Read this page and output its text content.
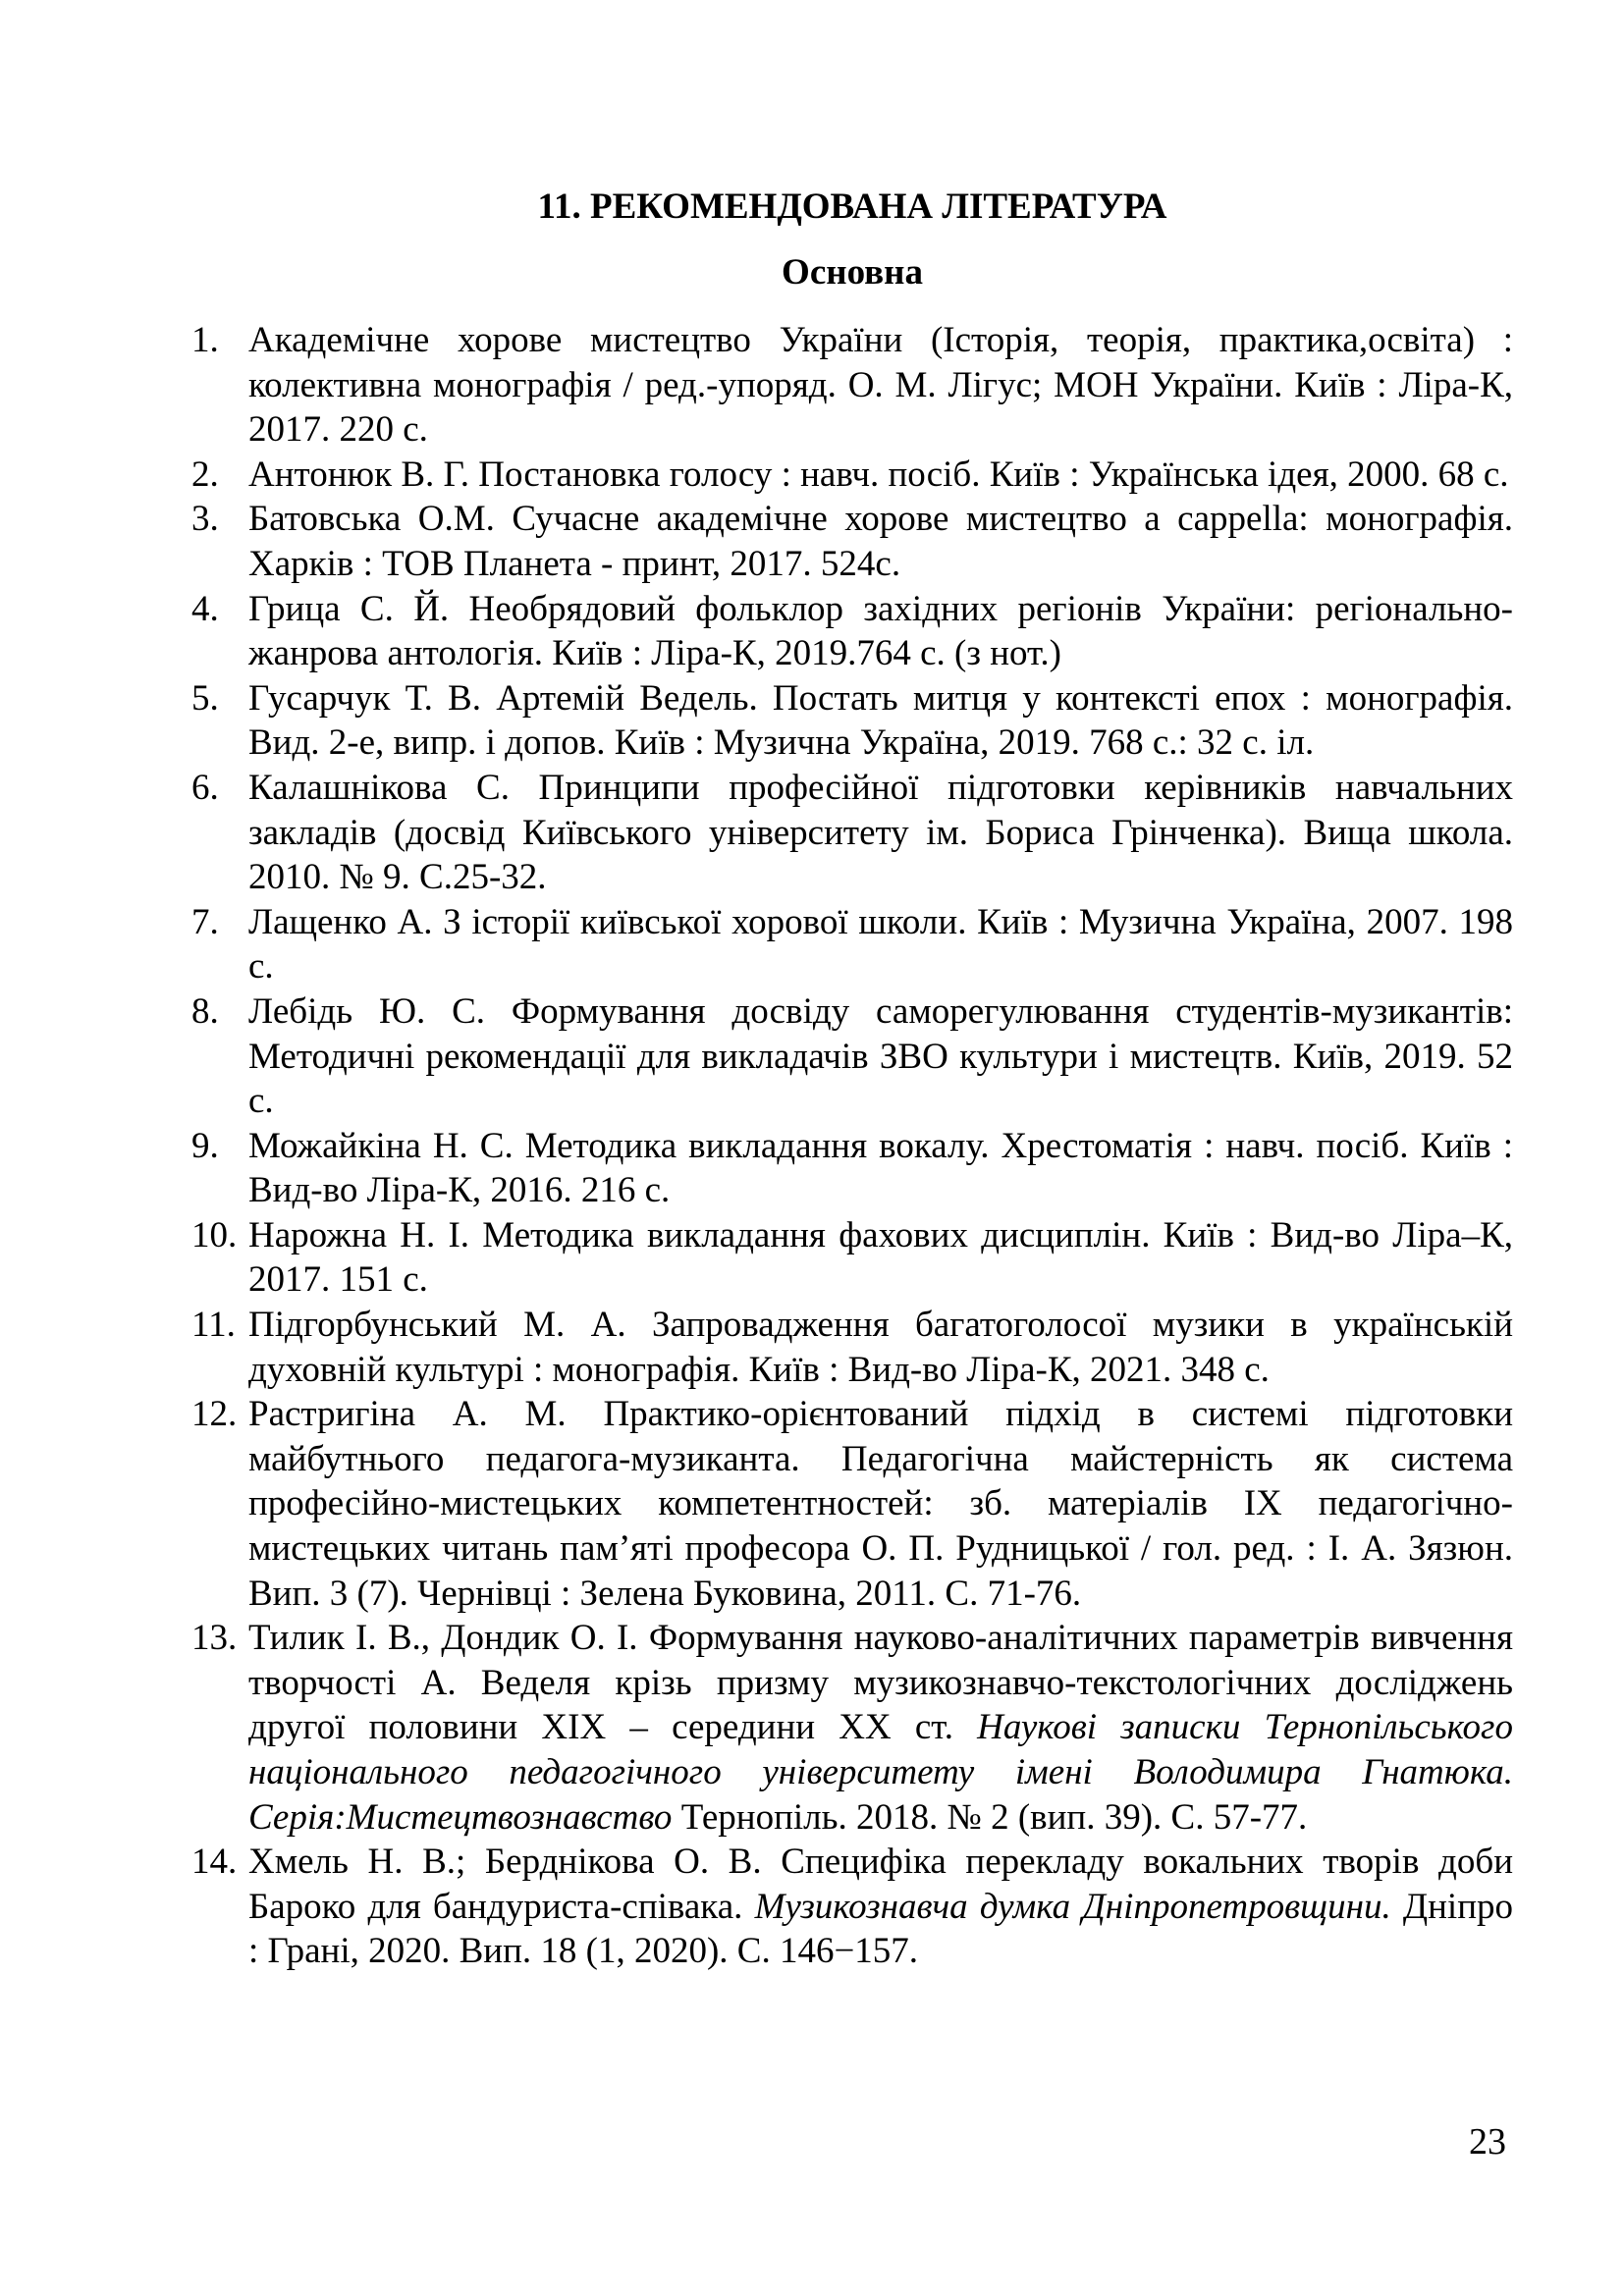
11. РЕКОМЕНДОВАНА ЛІТЕРАТУРА
Основна
1. Академічне хорове мистецтво України (Історія, теорія, практика,освіта) : колективна монографія / ред.-упоряд. О. М. Лігус; МОН України. Київ : Ліра-К, 2017. 220 с.
2. Антонюк В. Г. Постановка голосу : навч. посіб. Київ : Українська ідея, 2000. 68 с.
3. Батовська О.М. Сучасне академічне хорове мистецтво а cappella: монографія. Харків : ТОВ Планета - принт, 2017. 524с.
4. Грица С. Й. Необрядовий фольклор західних регіонів України: регіонально-жанрова антологія. Київ : Ліра-К, 2019.764 с. (з нот.)
5. Гусарчук Т. В. Артемій Ведель. Постать митця у контексті епох : монографія. Вид. 2-е, випр. і допов. Київ : Музична Україна, 2019. 768 с.: 32 с. іл.
6. Калашнікова С. Принципи професійної підготовки керівників навчальних закладів (досвід Київського університету ім. Бориса Грінченка). Вища школа. 2010. № 9. С.25-32.
7. Лащенко А. З історії київської хорової школи. Київ : Музична Україна, 2007. 198 с.
8. Лебідь Ю. С. Формування досвіду саморегулювання студентів-музикантів: Методичні рекомендації для викладачів ЗВО культури і мистецтв. Київ, 2019. 52 с.
9. Можайкіна Н. С. Методика викладання вокалу. Хрестоматія : навч. посіб. Київ : Вид-во Ліра-К, 2016. 216 с.
10. Нарожна Н. І. Методика викладання фахових дисциплін. Київ : Вид-во Ліра–К, 2017. 151 с.
11. Підгорбунський М. А. Запровадження багатоголосої музики в українській духовній культурі : монографія. Київ : Вид-во Ліра-К, 2021. 348 с.
12. Растригіна А. М. Практико-орієнтований підхід в системі підготовки майбутнього педагога-музиканта. Педагогічна майстерність як система професійно-мистецьких компетентностей: зб. матеріалів ІХ педагогічно-мистецьких читань пам’яті професора О. П. Рудницької / гол. ред. : І. А. Зязюн. Вип. 3 (7). Чернівці : Зелена Буковина, 2011. С. 71-76.
13. Тилик І. В., Дондик О. І. Формування науково-аналітичних параметрів вивчення творчості А. Веделя крізь призму музикознавчо-текстологічних досліджень другої половини ХІХ – середини ХХ ст. Наукові записки Тернопільського національного педагогічного університету імені Володимира Гнатюка. Серія:Мистецтвознавство Тернопіль. 2018. № 2 (вип. 39). С. 57-77.
14. Хмель Н. В.; Берднікова О. В. Специфіка перекладу вокальних творів доби Бароко для бандуриста-співака. Музикознавча думка Дніпропетровщини. Дніпро : Грані, 2020. Вип. 18 (1, 2020). С. 146−157.
23
